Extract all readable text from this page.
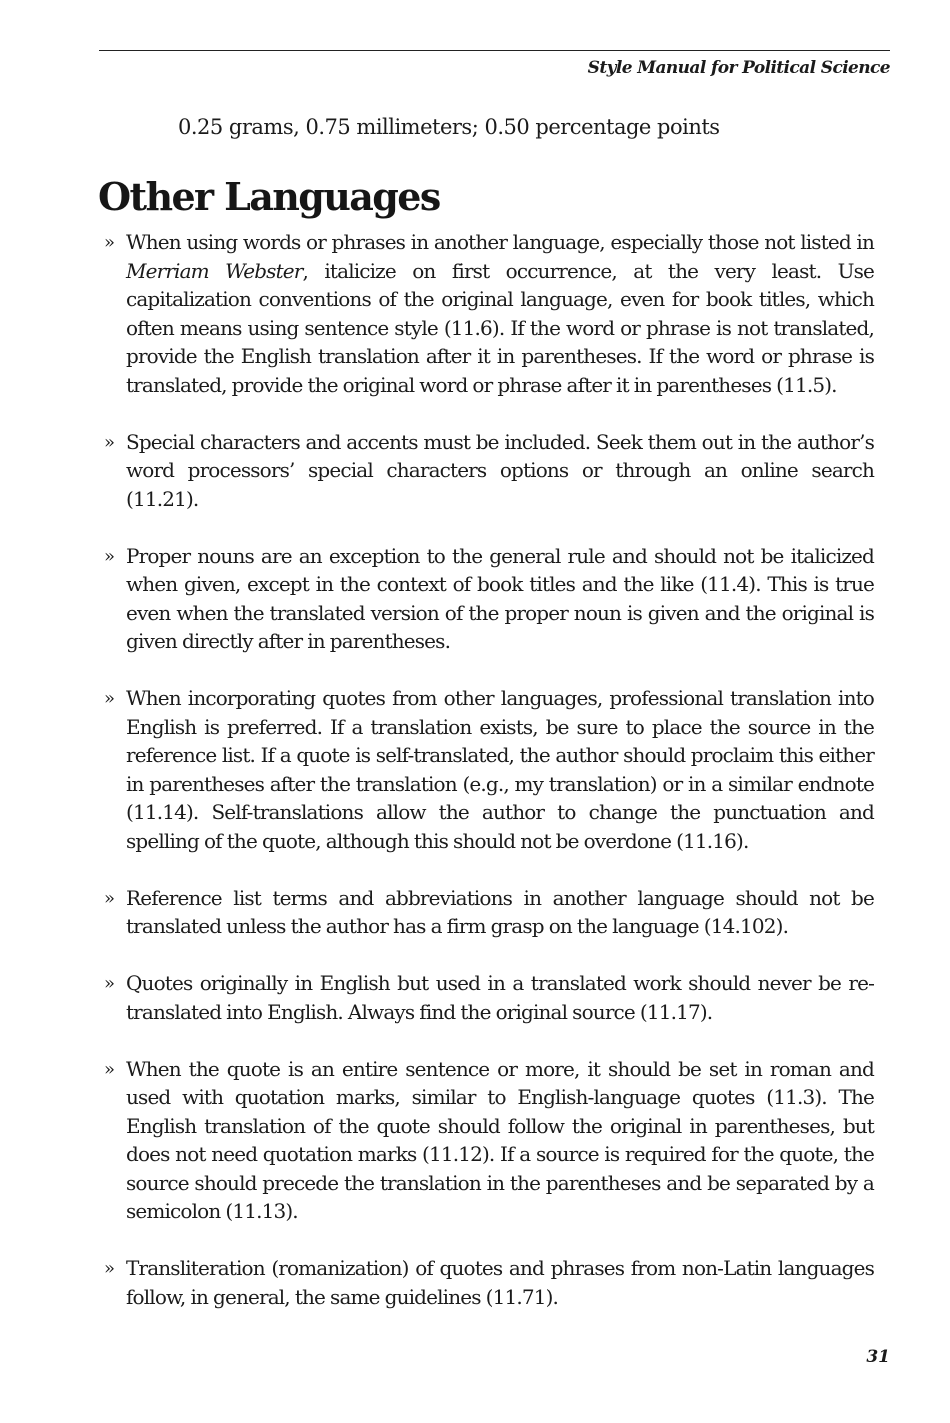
Style Manual for Political Science
0.25 grams, 0.75 millimeters; 0.50 percentage points
Other Languages
» When using words or phrases in another language, especially those not listed in Merriam Webster, italicize on first occurrence, at the very least. Use capitalization conventions of the original language, even for book titles, which often means using sentence style (11.6). If the word or phrase is not translated, provide the English translation after it in parentheses. If the word or phrase is translated, provide the original word or phrase after it in parentheses (11.5).
» Special characters and accents must be included. Seek them out in the author’s word processors’ special characters options or through an online search (11.21).
» Proper nouns are an exception to the general rule and should not be italicized when given, except in the context of book titles and the like (11.4). This is true even when the translated version of the proper noun is given and the original is given directly after in parentheses.
» When incorporating quotes from other languages, professional translation into English is preferred. If a translation exists, be sure to place the source in the reference list. If a quote is self-translated, the author should proclaim this either in parentheses after the translation (e.g., my translation) or in a similar endnote (11.14). Self-translations allow the author to change the punctuation and spelling of the quote, although this should not be overdone (11.16).
» Reference list terms and abbreviations in another language should not be translated unless the author has a firm grasp on the language (14.102).
» Quotes originally in English but used in a translated work should never be re-translated into English. Always find the original source (11.17).
» When the quote is an entire sentence or more, it should be set in roman and used with quotation marks, similar to English-language quotes (11.3). The English translation of the quote should follow the original in parentheses, but does not need quotation marks (11.12). If a source is required for the quote, the source should precede the translation in the parentheses and be separated by a semicolon (11.13).
» Transliteration (romanization) of quotes and phrases from non-Latin languages follow, in general, the same guidelines (11.71).
31
